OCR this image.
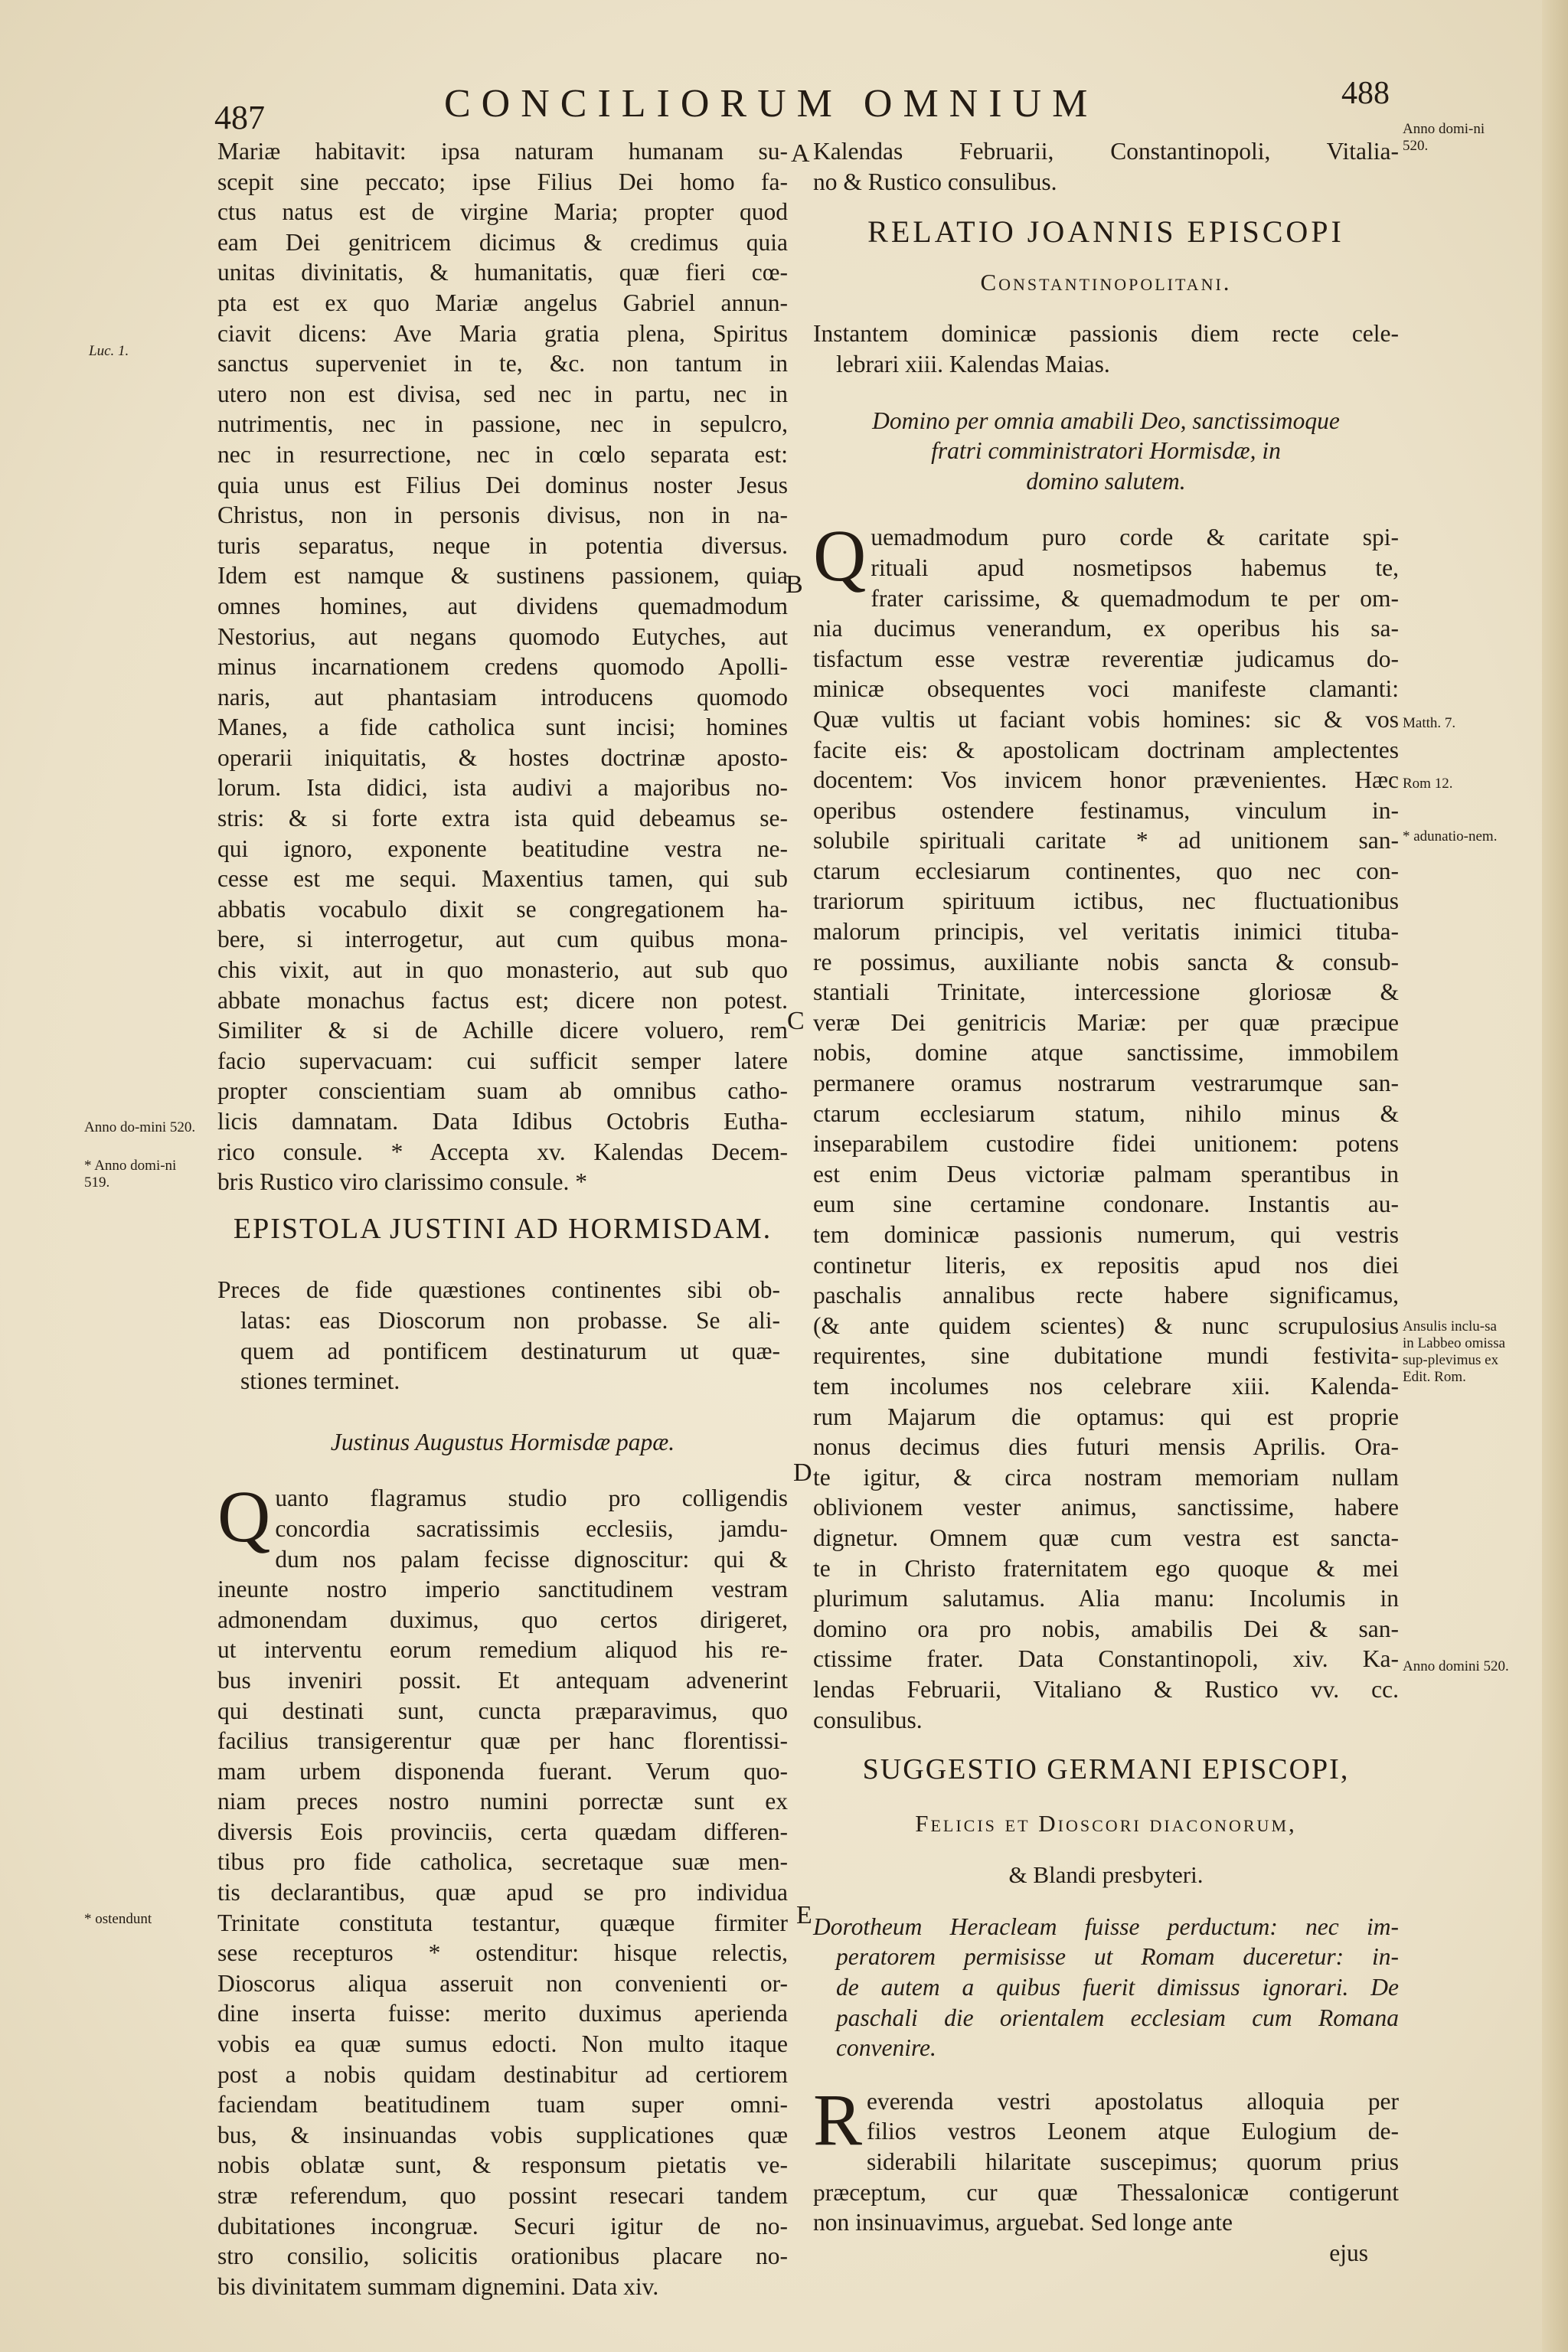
487	CONCILIORUM OMNIUM	488

Mariæ habitavit: ipsa naturam humanam su-
scepit sine peccato; ipse Filius Dei homo fa-
ctus natus est de virgine Maria; propter quod
eam Dei genitricem dicimus & credimus quia
unitas divinitatis, & humanitatis, quæ fieri cœ-
pta est ex quo Mariæ angelus Gabriel annun-
ciavit dicens: Ave Maria gratia plena, Spiritus
sanctus superveniet in te, &c. non tantum in
utero non est divisa, sed nec in partu, nec in
nutrimentis, nec in passione, nec in sepulcro,
nec in resurrectione, nec in cœlo separata est:
quia unus est Filius Dei dominus noster Jesus
Christus, non in personis divisus, non in na-
turis separatus, neque in potentia diversus.
Idem est namque & sustinens passionem, quia
omnes homines, aut dividens quemadmodum
Nestorius, aut negans quomodo Eutyches, aut
minus incarnationem credens quomodo Apolli-
naris, aut phantasiam introducens quomodo
Manes, a fide catholica sunt incisi; homines
operarii iniquitatis, & hostes doctrinæ aposto-
lorum. Ista didici, ista audivi a majoribus no-
stris: & si forte extra ista quid debeamus se-
qui ignoro, exponente beatitudine vestra ne-
cesse est me sequi. Maxentius tamen, qui sub
abbatis vocabulo dixit se congregationem ha-
bere, si interrogetur, aut cum quibus mona-
chis vixit, aut in quo monasterio, aut sub quo
abbate monachus factus est; dicere non potest.
Similiter & si de Achille dicere voluero, rem
facio supervacuam: cui sufficit semper latere
propter conscientiam suam ab omnibus catho-
licis damnatam. Data Idibus Octobris Eutha-
rico consule. * Accepta xv. Kalendas Decem-
bris Rustico viro clarissimo consule. *

EPISTOLA JUSTINI AD HORMISDAM.

Preces de fide quæstiones continentes sibi ob-
latas: eas Dioscorum non probasse. Se ali-
quem ad pontificem destinaturum ut quæ-
stiones terminet.

Justinus Augustus Hormisdæ papæ.

Q uanto flagramus studio pro colligendis
concordia sacratissimis ecclesiis, jamdu-
dum nos palam fecisse dignoscitur: qui &
ineunte nostro imperio sanctitudinem vestram
admonendam duximus, quo certos dirigeret,
ut interventu eorum remedium aliquod his re-
bus inveniri possit. Et antequam advenerint
qui destinati sunt, cuncta præparavimus, quo
facilius transigerentur quæ per hanc florentissi-
mam urbem disponenda fuerant. Verum quo-
niam preces nostro numini porrectæ sunt ex
diversis Eois provinciis, certa quædam differen-
tibus pro fide catholica, secretaque suæ men-
tis declarantibus, quæ apud se pro individua
Trinitate constituta testantur, quæque firmiter
sese recepturos * ostenditur: hisque relectis,
Dioscorus aliqua asseruit non convenienti or-
dine inserta fuisse: merito duximus aperienda
vobis ea quæ sumus edocti. Non multo itaque
post a nobis quidam destinabitur ad certiorem
faciendam beatitudinem tuam super omni-
bus, & insinuandas vobis supplicationes quæ
nobis oblatæ sunt, & responsum pietatis ve-
stræ referendum, quo possint resecari tandem
dubitationes incongruæ. Securi igitur de no-
stro consilio, solicitis orationibus placare no-
bis divinitatem summam dignemini. Data xiv.

Kalendas Februarii, Constantinopoli, Vitalia-
no & Rustico consulibus.

RELATIO JOANNIS EPISCOPI

Constantinopolitani.

Instantem dominicæ passionis diem recte cele-
lebrari xiii. Kalendas Maias.

Domino per omnia amabili Deo, sanctissimoque
fratri comministratori Hormisdæ, in
domino salutem.

Q uemadmodum puro corde & caritate spi-
rituali apud nosmetipsos habemus te,
frater carissime, & quemadmodum te per om-
nia ducimus venerandum, ex operibus his sa-
tisfactum esse vestræ reverentiæ judicamus do-
minicæ obsequentes voci manifeste clamanti:
Quæ vultis ut faciant vobis homines: sic & vos
facite eis: & apostolicam doctrinam amplectentes
docentem: Vos invicem honor prævenientes. Hæc
operibus ostendere festinamus, vinculum in-
solubile spirituali caritate * ad unitionem san-
ctarum ecclesiarum continentes, quo nec con-
trariorum spirituum ictibus, nec fluctuationibus
malorum principis, vel veritatis inimici tituba-
re possimus, auxiliante nobis sancta & consub-
stantiali Trinitate, intercessione gloriosæ &
veræ Dei genitricis Mariæ: per quæ præcipue
nobis, domine atque sanctissime, immobilem
permanere oramus nostrarum vestrarumque san-
ctarum ecclesiarum statum, nihilo minus &
inseparabilem custodire fidei unitionem: potens
est enim Deus victoriæ palmam sperantibus in
eum sine certamine condonare. Instantis au-
tem dominicæ passionis numerum, qui vestris
continetur literis, ex repositis apud nos diei
paschalis annalibus recte habere significamus,
(& ante quidem scientes) & nunc scrupulosius
requirentes, sine dubitatione mundi festivita-
tem incolumes nos celebrare xiii. Kalenda-
rum Majarum die optamus: qui est proprie
nonus decimus dies futuri mensis Aprilis. Ora-
te igitur, & circa nostram memoriam nullam
oblivionem vester animus, sanctissime, habere
dignetur. Omnem quæ cum vestra est sancta-
te in Christo fraternitatem ego quoque & mei
plurimum salutamus. Alia manu: Incolumis in
domino ora pro nobis, amabilis Dei & san-
ctissime frater. Data Constantinopoli, xiv. Ka-
lendas Februarii, Vitaliano & Rustico vv. cc.
consulibus.

SUGGESTIO GERMANI EPISCOPI,

Felicis et Dioscori diaconorum,

& Blandi presbyteri.

Dorotheum Heracleam fuisse perductum: nec im-
peratorem permisisse ut Romam duceretur: in-
de autem a quibus fuerit dimissus ignorari. De
paschali die orientalem ecclesiam cum Romana
convenire.

R everenda vestri apostolatus alloquia per
filios vestros Leonem atque Eulogium de-
siderabili hilaritate suscepimus; quorum prius
præceptum, cur quæ Thessalonicæ contigerunt
non insinuavimus, arguebat. Sed longe ante

ejus
A
B
C
D
E
Luc. 1.
Anno do-mini 520.
* Anno domi-ni 519.
* ostendunt
Anno domi-ni 520.
Matth. 7.
Rom 12.
* adunatio-nem.
Ansulis inclu-sa in Labbeo omissa sup-plevimus ex Edit. Rom.
Anno domini 520.
